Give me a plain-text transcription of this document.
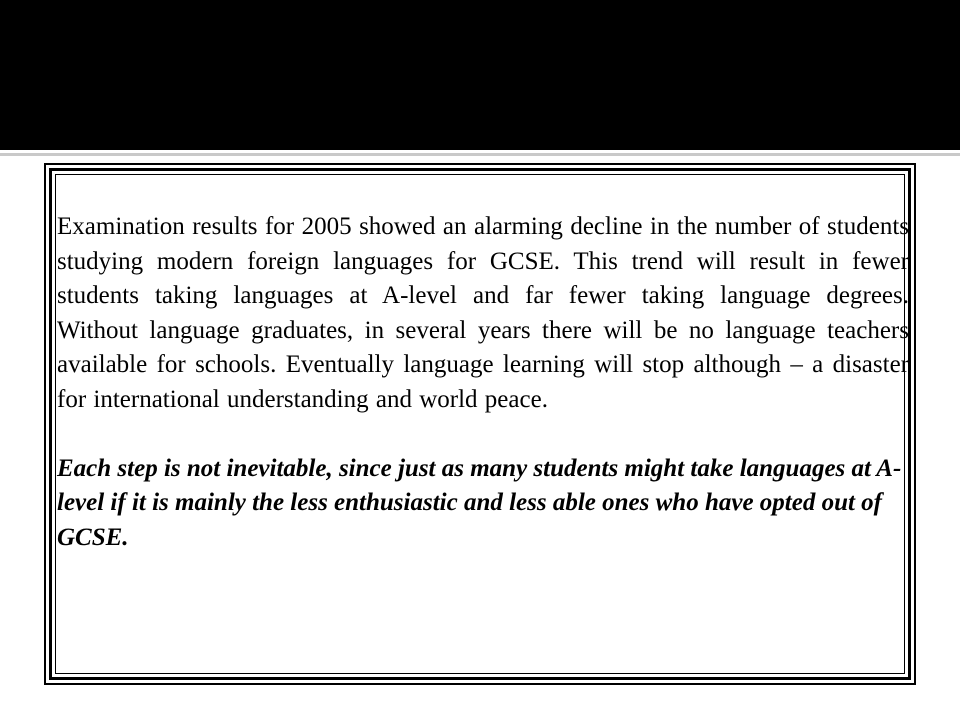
Examination results for 2005 showed an alarming decline in the number of students studying modern foreign languages for GCSE. This trend will result in fewer students taking languages at A-level and far fewer taking language degrees. Without language graduates, in several years there will be no language teachers available for schools. Eventually language learning will stop although – a disaster for international understanding and world peace.

Each step is not inevitable, since just as many students might take languages at A-level if it is mainly the less enthusiastic and less able ones who have opted out of GCSE.
